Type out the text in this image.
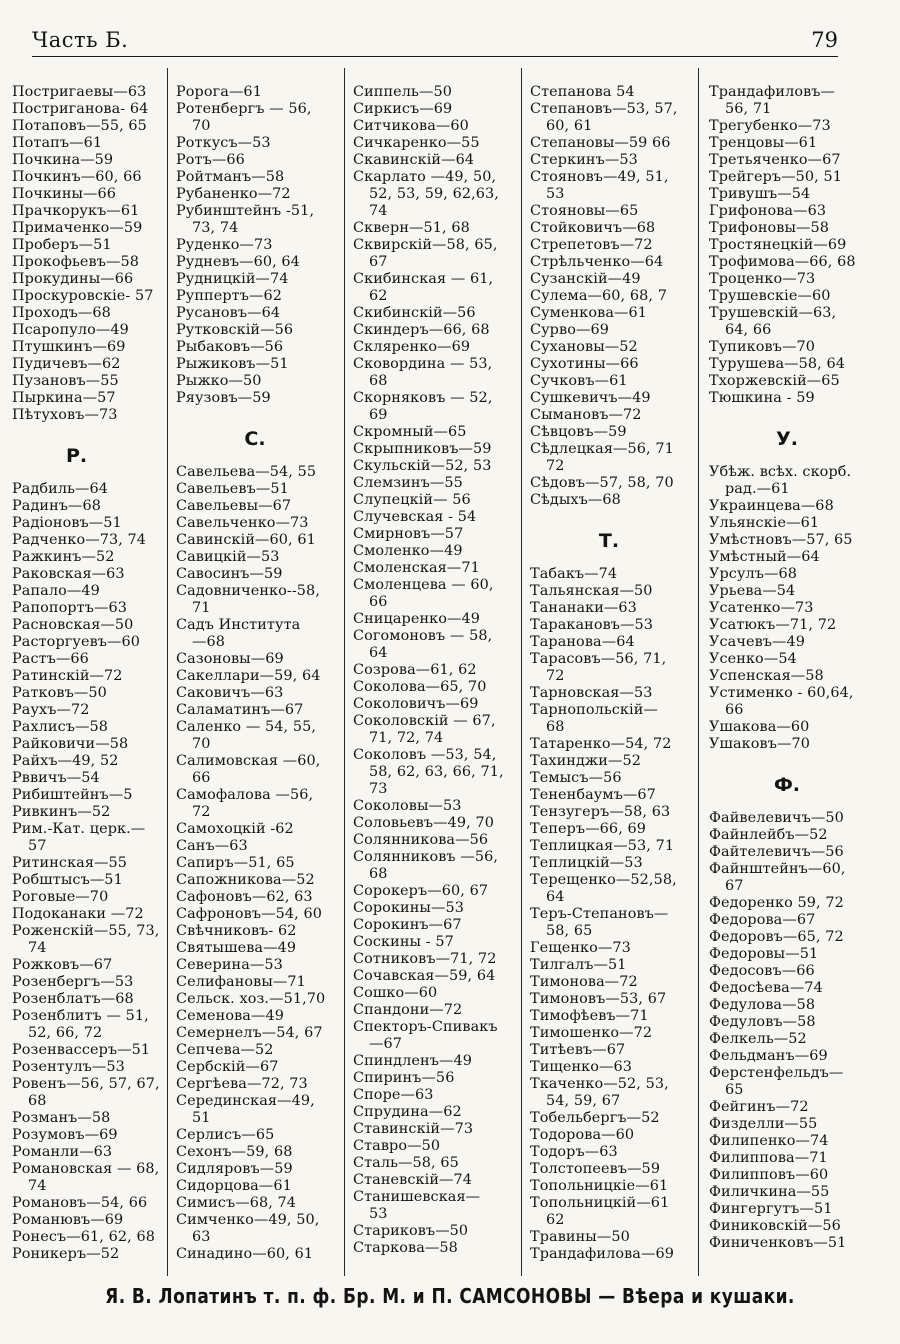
Часть Б.	79
Постригаевы—63
Постриганова- 64
Потаповъ—55, 65
Потапъ—61
Почкина—59
Почкинъ—60, 66
Почкины—66
Прачкорукъ—61
Примаченко—59
Проберъ—51
Прокофьевъ—58
Прокудины—66
Проскуровскіе- 57
Проходъ—68
Псаропуло—49
Птушкинъ—69
Пудичевъ—62
Пузановъ—55
Пыркина—57
Пѣтуховъ—73
Р.
Радбиль—64
Радинъ—68
Радіоновъ—51
Радченко—73, 74
Ражкинъ—52
Раковская—63
Рапало—49
Рапопортъ—63
Расновская—50
Расторгуевъ—60
Растъ—66
Ратинскій—72
Ратковъ—50
Раухъ—72
Рахлисъ—58
Райковичи—58
Райхъ—49, 52
Рввичъ—54
Рибиштейнъ—5
Ривкинъ—52
Рим.-Кат. церк.—
57
Ритинская—55
Робштысъ—51
Роговые—70
Подоканаки —72
Роженскій—55, 73,
74
Рожковъ—67
Розенбергъ—53
Розенблатъ—68
Розенблитъ — 51,
52, 66, 72
Розенвассеръ—51
Розентулъ—53
Ровенъ—56, 57, 67,
68
Розманъ—58
Розумовъ—69
Романли—63
Романовская — 68,
74
Романовъ—54, 66
Романювъ—69
Ронесъ—61, 62, 68
Роникеръ—52
Ророга—61
Ротенбергъ — 56,
70
Роткусъ—53
Ротъ—66
Ройтманъ—58
Рубаненко—72
Рубинштейнъ -51,
73, 74
Руденко—73
Рудневъ—60, 64
Рудницкій—74
Руппертъ—62
Русановъ—64
Рутковскій—56
Рыбаковъ—56
Рыжиковъ—51
Рыжко—50
Ряузовъ—59
С.
Савельева—54, 55
Савельевъ—51
Савельевы—67
Савельченко—73
Савинскій—60, 61
Савицкій—53
Савосинъ—59
Садовниченко--58,
71
Садъ Института
—68
Сазоновы—69
Сакеллари—59, 64
Саковичъ—63
Саламатинъ—67
Саленко — 54, 55,
70
Салимовская —60,
66
Самофалова —56,
72
Самохоцкій -62
Санъ—63
Сапиръ—51, 65
Сапожникова—52
Сафоновъ—62, 63
Сафроновъ—54, 60
Свѣчниковъ- 62
Святышева—49
Северина—53
Селифановы—71
Сельск. хоз.—51,70
Семенова—49
Семернелъ—54, 67
Сепчева—52
Сербскій—67
Сергѣева—72, 73
Серединская—49,
51
Серлисъ—65
Сехонъ—59, 68
Сидляровъ—59
Сидорцова—61
Симисъ—68, 74
Симченко—49, 50,
63
Синадино—60, 61
Сиппель—50
Сиркисъ—69
Ситчикова—60
Сичкаренко—55
Скавинскій—64
Скарлато —49, 50,
52, 53, 59, 62,63,
74
Скверн—51, 68
Сквирскій—58, 65,
67
Скибинская — 61,
62
Скибинскій—56
Скиндеръ—66, 68
Скляренко—69
Сковордина — 53,
68
Скорняковъ — 52,
69
Скромный—65
Скрыпниковъ—59
Скульскій—52, 53
Слемзинъ—55
Слупецкій— 56
Случевская - 54
Смирновъ—57
Смоленко—49
Смоленская—71
Смоленцева — 60,
66
Сницаренко—49
Согомоновъ — 58,
64
Созрова—61, 62
Соколова—65, 70
Соколовичъ—69
Соколовскій — 67,
71, 72, 74
Соколовъ —53, 54,
58, 62, 63, 66, 71,
73
Соколовы—53
Соловьевъ—49, 70
Солянникова—56
Солянниковъ —56,
68
Сорокеръ—60, 67
Сорокины—53
Сорокинъ—67
Соскины - 57
Сотниковъ—71, 72
Сочавская—59, 64
Сошко—60
Спандони—72
Спекторъ-Спивакъ
—67
Спиндленъ—49
Спиринъ—56
Споре—63
Спрудина—62
Ставинскій—73
Ставро—50
Сталь—58, 65
Станевскій—74
Станишевская—
53
Стариковъ—50
Старкова—58
Степанова 54
Степановъ—53, 57,
60, 61
Степановы—59 66
Стеркинъ—53
Стояновъ—49, 51,
53
Стояновы—65
Стойковичъ—68
Стрепетовъ—72
Стрѣльченко—64
Сузанскій—49
Сулема—60, 68, 7
Суменкова—61
Сурво—69
Сухановы—52
Сухотины—66
Сучковъ—61
Сушкевичъ—49
Сымановъ—72
Сѣвцовъ—59
Сѣдлецкая—56, 71
72
Сѣдовъ—57, 58, 70
Сѣдыхъ—68
Т.
Табакъ—74
Тальянская—50
Тананаки—63
Таракановъ—53
Таранова—64
Тарасовъ—56, 71,
72
Тарновская—53
Тарнопольскій—
68
Татаренко—54, 72
Тахинджи—52
Темысъ—56
Тененбаумъ—67
Тензугеръ—58, 63
Теперъ—66, 69
Теплицкая—53, 71
Теплицкій—53
Терещенко—52,58,
64
Теръ-Степановъ—
58, 65
Гещенко—73
Тилгалъ—51
Тимонова—72
Тимоновъ—53, 67
Тимофѣевъ—71
Тимошенко—72
Титѣевъ—67
Тищенко—63
Ткаченко—52, 53,
54, 59, 67
Тобельбергъ—52
Тодорова—60
Тодоръ—63
Толстопеевъ—59
Топольницкіе—61
Топольницкій—61
62
Травины—50
Трандафилова—69
Трандафиловъ—
56, 71
Трегубенко—73
Тренцовы—61
Третьяченко—67
Трейгеръ—50, 51
Тривушъ—54
Грифонова—63
Трифоновы—58
Тростянецкій—69
Трофимова—66, 68
Троценко—73
Трушевскіе—60
Трушевскій—63,
64, 66
Тупиковъ—70
Турушева—58, 64
Тхоржевскій—65
Тюшкина - 59
У.
Убѣж. всѣх. скорб.
рад.—61
Украинцева—68
Ульянскіе—61
Умѣстновъ—57, 65
Умѣстный—64
Урсулъ—68
Урьева—54
Усатенко—73
Усатюкъ—71, 72
Усачевъ—49
Усенко—54
Успенская—58
Устименко - 60,64,
66
Ушакова—60
Ушаковъ—70
Ф.
Файвелевичъ—50
Файнлейбъ—52
Файтелевичъ—56
Файнштейнъ—60,
67
Федоренко 59, 72
Федорова—67
Федоровъ—65, 72
Федоровы—51
Федосовъ—66
Федосѣева—74
Федулова—58
Федуловъ—58
Фелкель—52
Фельдманъ—69
Ферстенфельдъ—
65
Фейгинъ—72
Физделли—55
Филипенко—74
Филиппова—71
Филипповъ—60
Филичкина—55
Фингергутъ—51
Финиковскій—56
Финиченковъ—51
Я. В. Лопатинъ т. п. ф. Бр. М. и П. САМСОНОВЫ — Вѣера и кушаки.
